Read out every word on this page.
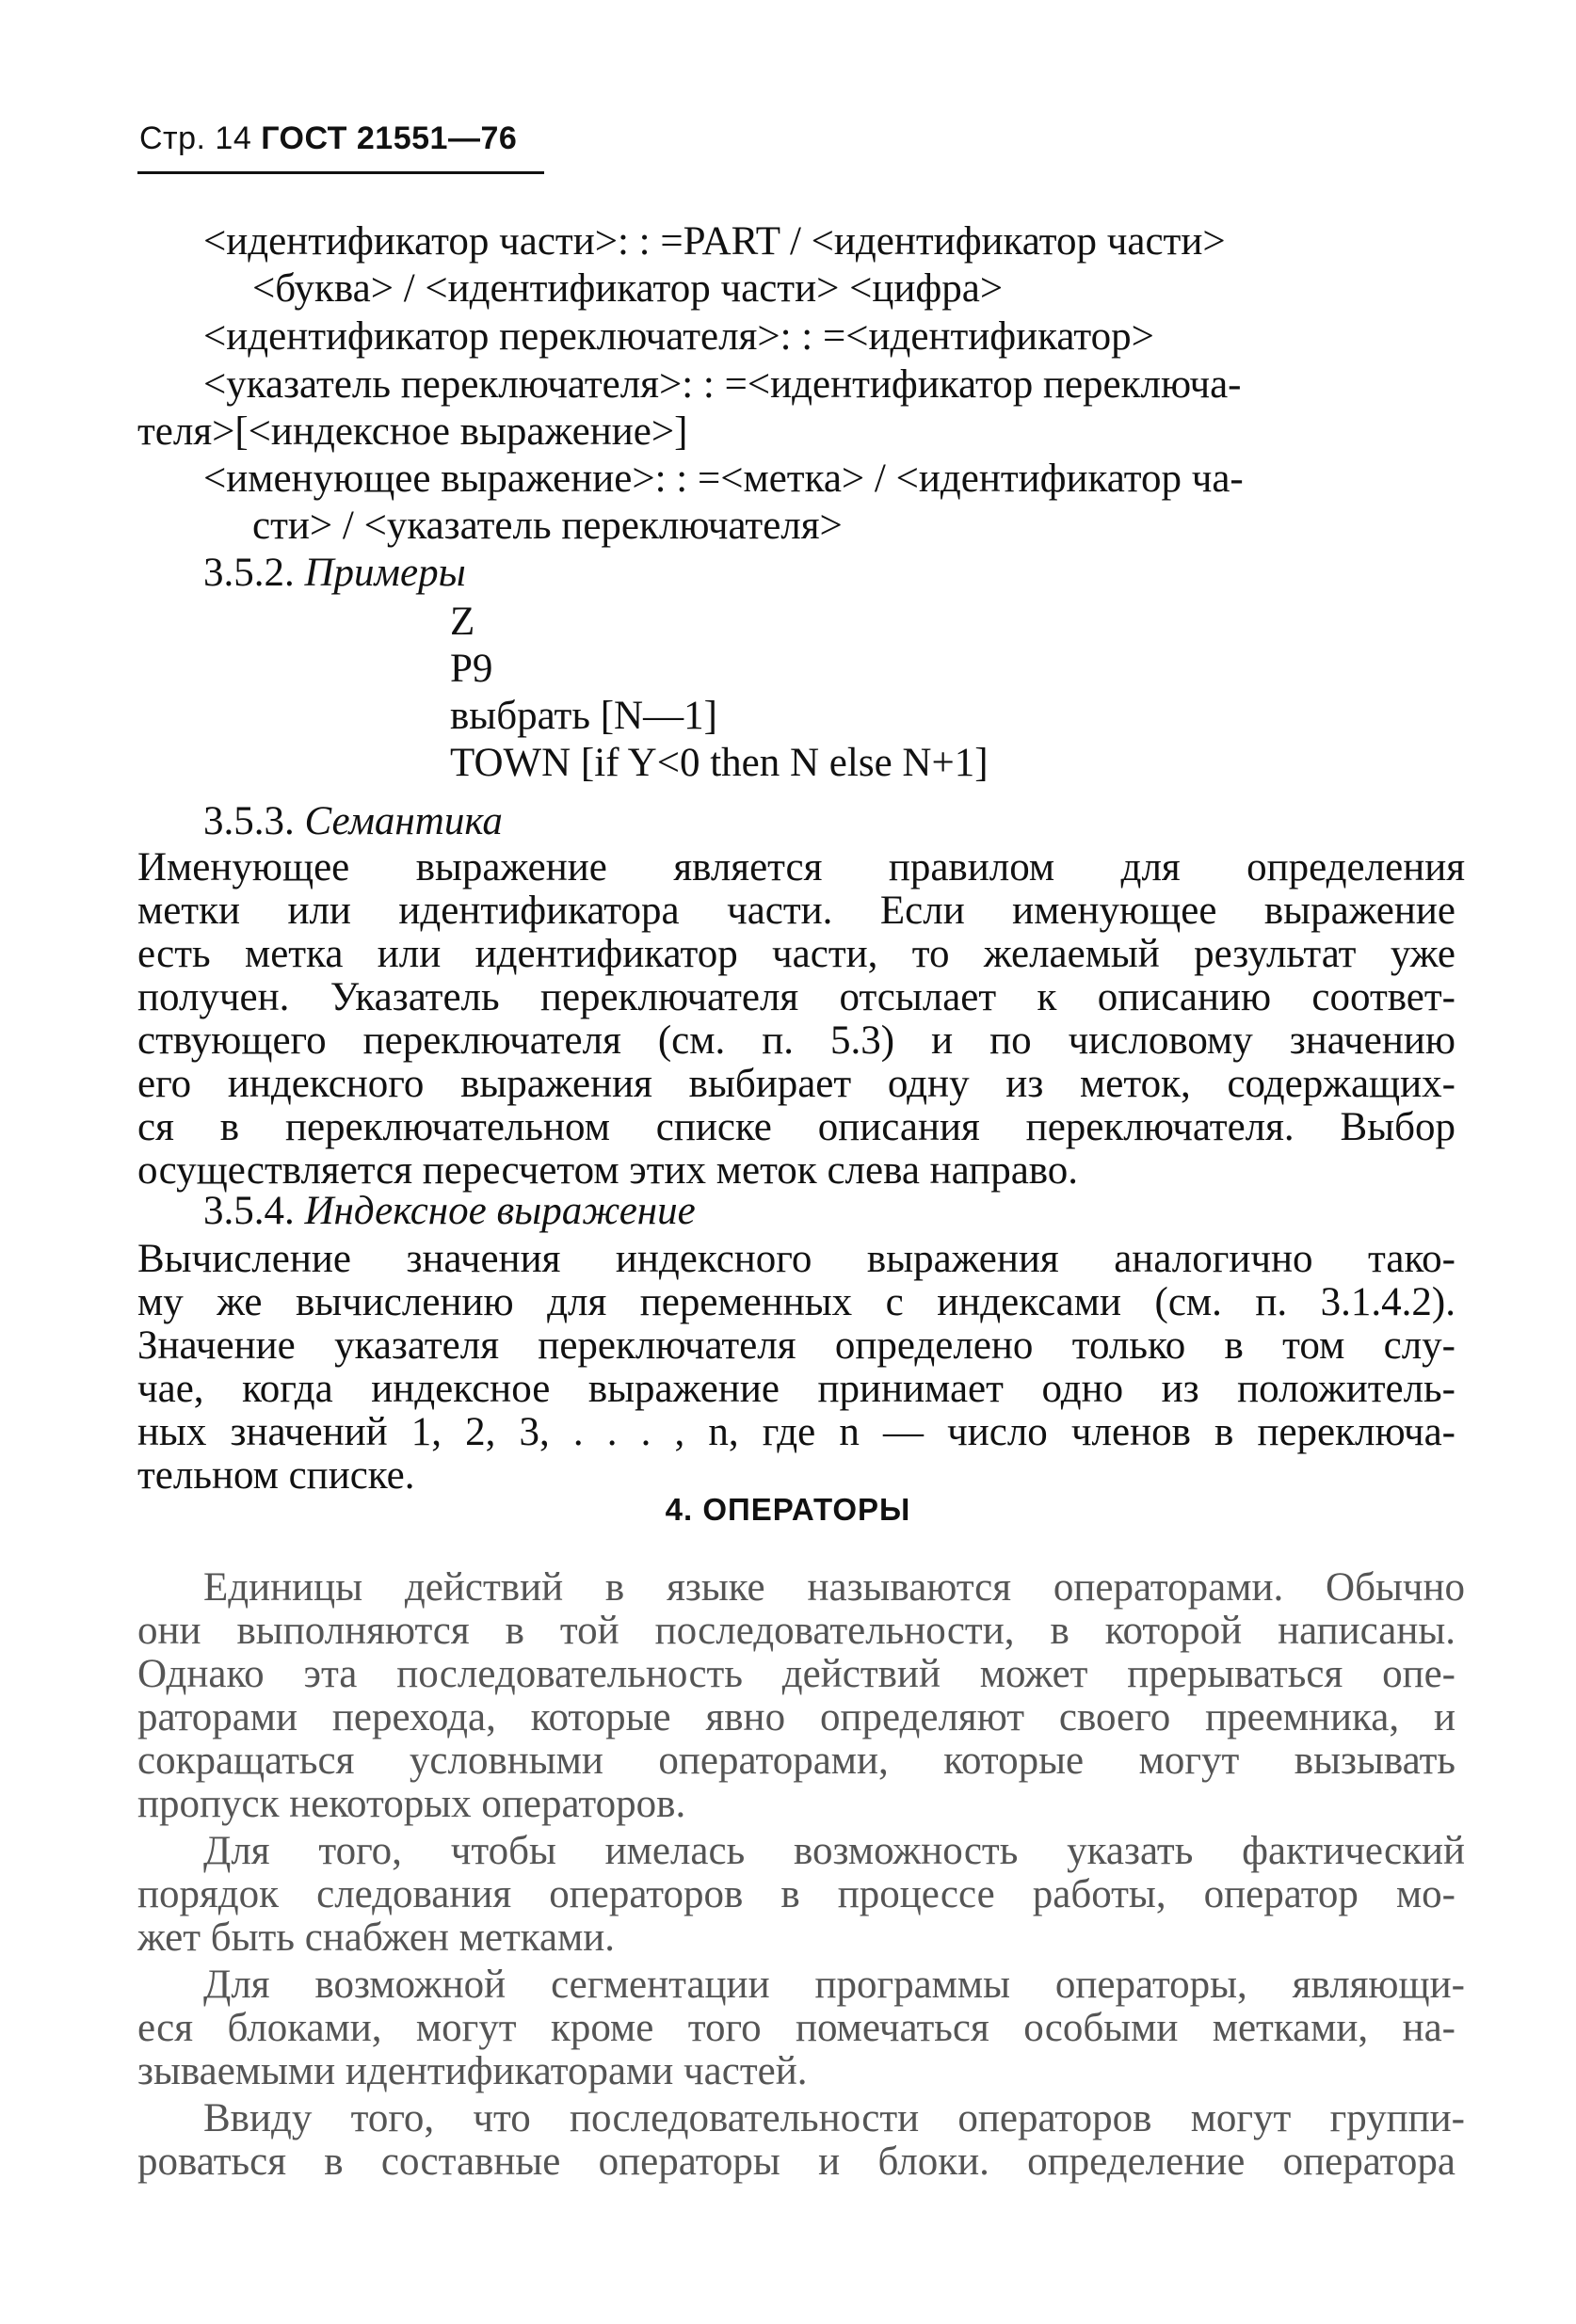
Стр. 14 ГОСТ 21551—76
<идентификатор части>: : =PART / <идентификатор части>
<буква> / <идентификатор части> <цифра>
<идентификатор переключателя>: : =<идентификатор>
<указатель переключателя>: : =<идентификатор переключа-
теля>[<индексное выражение>]
<именующее выражение>: : =<метка> / <идентификатор ча-
сти> / <указатель переключателя>
3.5.2. Примеры
Z
P9
выбрать [N—1]
TOWN [if Y<0 then N else N+1]
3.5.3. Семантика
Именующее выражение является правилом для определения
метки или идентификатора части. Если именующее выражение
есть метка или идентификатор части, то желаемый результат уже
получен. Указатель переключателя отсылает к описанию соответ-
ствующего переключателя (см. п. 5.3) и по числовому значению
его индексного выражения выбирает одну из меток, содержащих-
ся в переключательном списке описания переключателя. Выбор
осуществляется пересчетом этих меток слева направо.
3.5.4. Индексное выражение
Вычисление значения индексного выражения аналогично тако-
му же вычислению для переменных с индексами (см. п. 3.1.4.2).
Значение указателя переключателя определено только в том слу-
чае, когда индексное выражение принимает одно из положитель-
ных значений 1, 2, 3, . . . , n, где n — число членов в переключа-
тельном списке.
4. ОПЕРАТОРЫ
Единицы действий в языке называются операторами. Обычно
они выполняются в той последовательности, в которой написаны.
Однако эта последовательность действий может прерываться опе-
раторами перехода, которые явно определяют своего преемника, и
сокращаться условными операторами, которые могут вызывать
пропуск некоторых операторов.
Для того, чтобы имелась возможность указать фактический
порядок следования операторов в процессе работы, оператор мо-
жет быть снабжен метками.
Для возможной сегментации программы операторы, являющи-
еся блоками, могут кроме того помечаться особыми метками, на-
зываемыми идентификаторами частей.
Ввиду того, что последовательности операторов могут группи-
роваться в составные операторы и блоки. определение оператора
